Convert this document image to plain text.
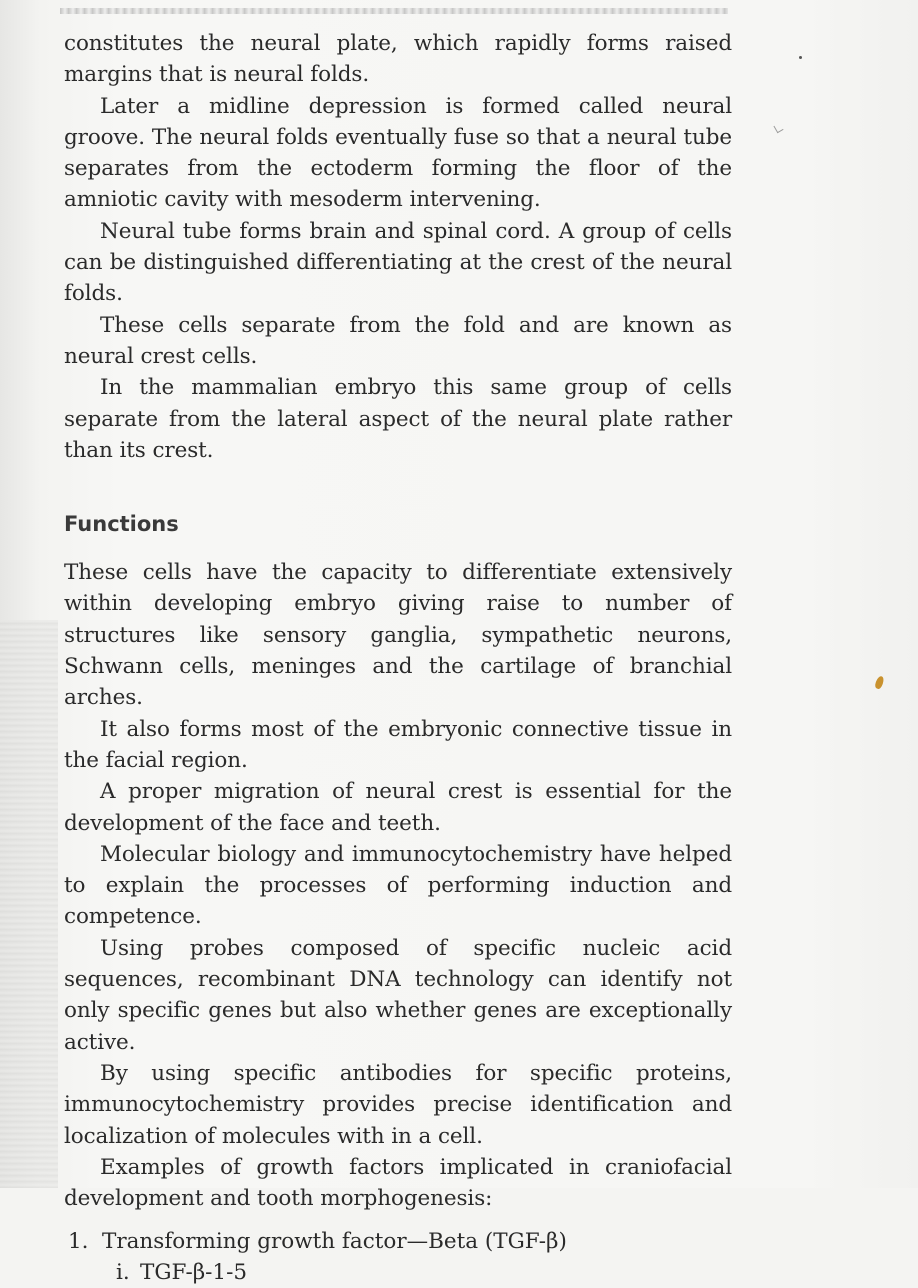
constitutes the neural plate, which rapidly forms raised margins that is neural folds.

Later a midline depression is formed called neural groove. The neural folds eventually fuse so that a neural tube separates from the ectoderm forming the floor of the amniotic cavity with mesoderm intervening.

Neural tube forms brain and spinal cord. A group of cells can be distinguished differentiating at the crest of the neural folds.

These cells separate from the fold and are known as neural crest cells.

In the mammalian embryo this same group of cells separate from the lateral aspect of the neural plate rather than its crest.

Functions

These cells have the capacity to differentiate extensively within developing embryo giving raise to number of structures like sensory ganglia, sympathetic neurons, Schwann cells, meninges and the cartilage of branchial arches.

It also forms most of the embryonic connective tissue in the facial region.

A proper migration of neural crest is essential for the development of the face and teeth.

Molecular biology and immunocytochemistry have helped to explain the processes of performing induction and competence.

Using probes composed of specific nucleic acid sequences, recombinant DNA technology can identify not only specific genes but also whether genes are exceptionally active.

By using specific antibodies for specific proteins, immunocytochemistry provides precise identification and localization of molecules with in a cell.

Examples of growth factors implicated in craniofacial development and tooth morphogenesis:

1. Transforming growth factor—Beta (TGF-β)
i. TGF-β-1-5
